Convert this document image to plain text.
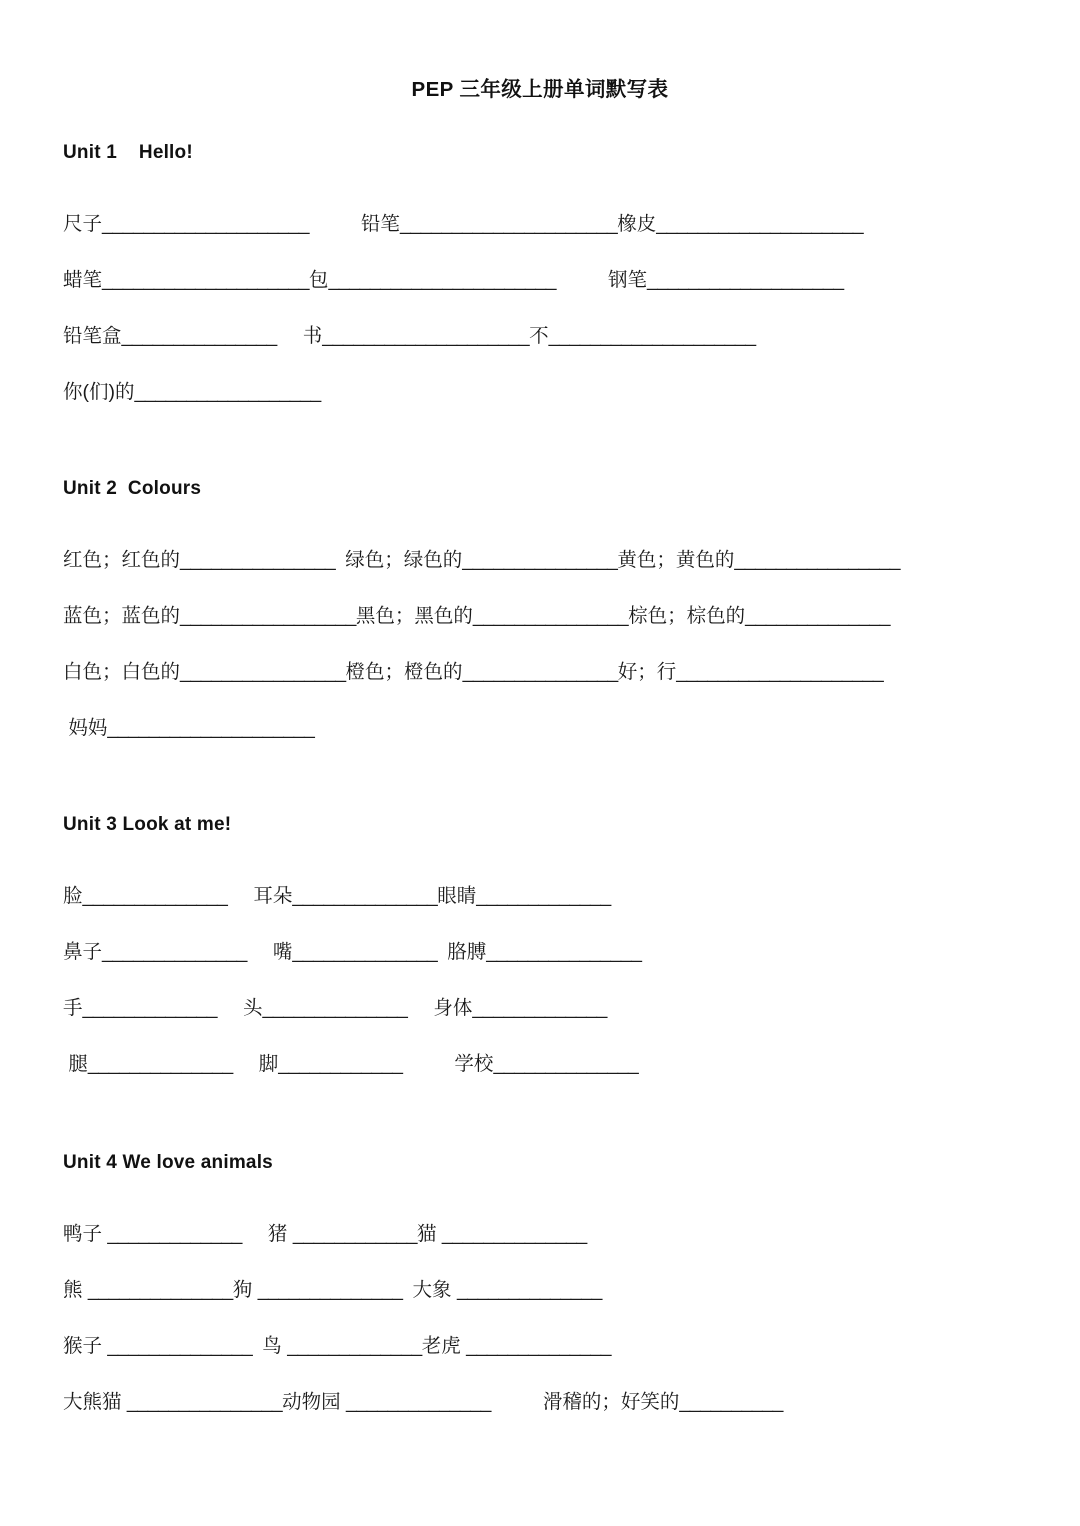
PEP 三年级上册单词默写表
Unit 1    Hello!
尺子____________________	铅笔_____________________ 橡皮____________________
蜡笔____________________ 包______________________	钢笔___________________
铅笔盒_______________ 书____________________ 不____________________
你(们)的__________________
Unit 2  Colours
红色；红色的_______________ 绿色；绿色的_______________ 黄色；黄色的________________
蓝色；蓝色的_________________ 黑色；黑色的_______________ 棕色；棕色的______________
白色；白色的________________ 橙色；橙色的_______________ 好；行____________________
妈妈____________________
Unit 3 Look at me!
脸______________ 耳朵______________ 眼睛_____________
鼻子______________ 嘴______________ 胳膊_______________
手_____________ 头______________ 身体_____________
腿______________ 脚____________	学校______________
Unit 4 We love animals
鸭子 _____________ 猪 ____________ 猫 ______________
熊 ______________ 狗 ______________ 大象 ______________
猴子 ______________ 鸟 _____________ 老虎 ______________
大熊猫 _______________ 动物园 ______________	滑稽的；好笑的__________
